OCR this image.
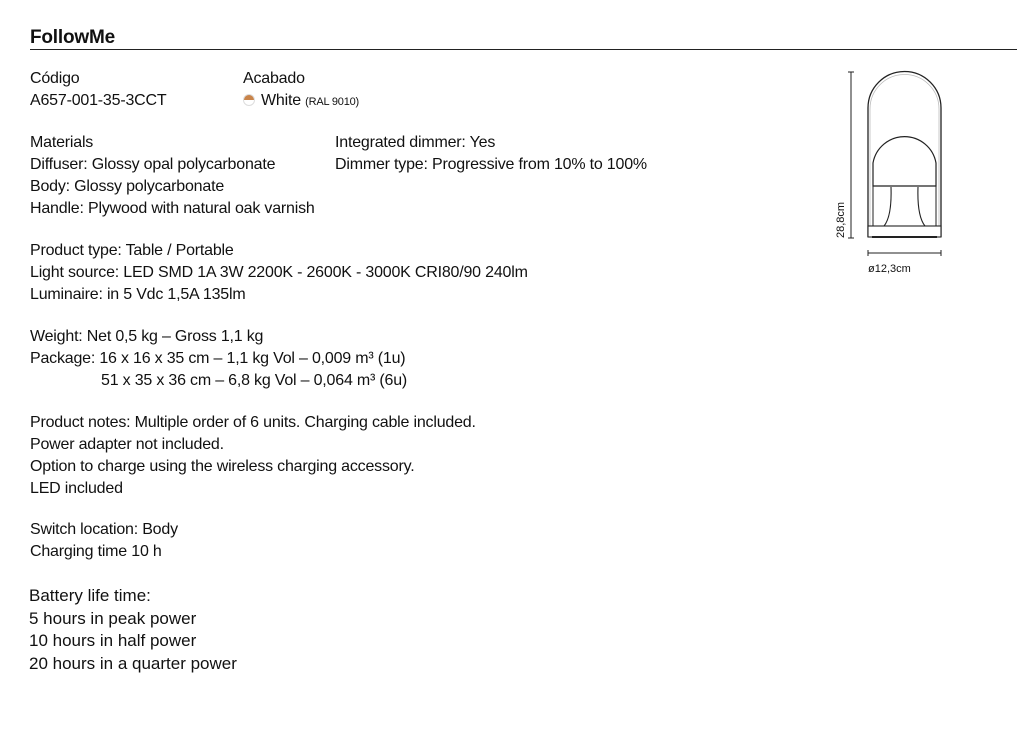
FollowMe
Código
A657-001-35-3CCT
Acabado
White (RAL 9010)
Materials
Diffuser: Glossy opal polycarbonate
Body: Glossy polycarbonate
Handle: Plywood with natural oak varnish
Integrated dimmer: Yes
Dimmer type: Progressive from 10% to 100%
Product type: Table / Portable
Light source: LED SMD 1A 3W 2200K - 2600K - 3000K CRI80/90 240lm
Luminaire: in 5 Vdc 1,5A 135lm
Weight: Net 0,5 kg – Gross 1,1 kg
Package: 16 x 16 x 35 cm – 1,1 kg Vol – 0,009 m³ (1u)
51 x 35 x 36 cm – 6,8 kg Vol – 0,064 m³ (6u)
Product notes: Multiple order of 6 units. Charging cable included.
Power adapter not included.
Option to charge using the wireless charging accessory.
LED included
Switch location: Body
Charging time 10 h
Battery life time:
5 hours in peak power
10 hours in half power
20 hours in a quarter power
28,8cm
ø12,3cm
